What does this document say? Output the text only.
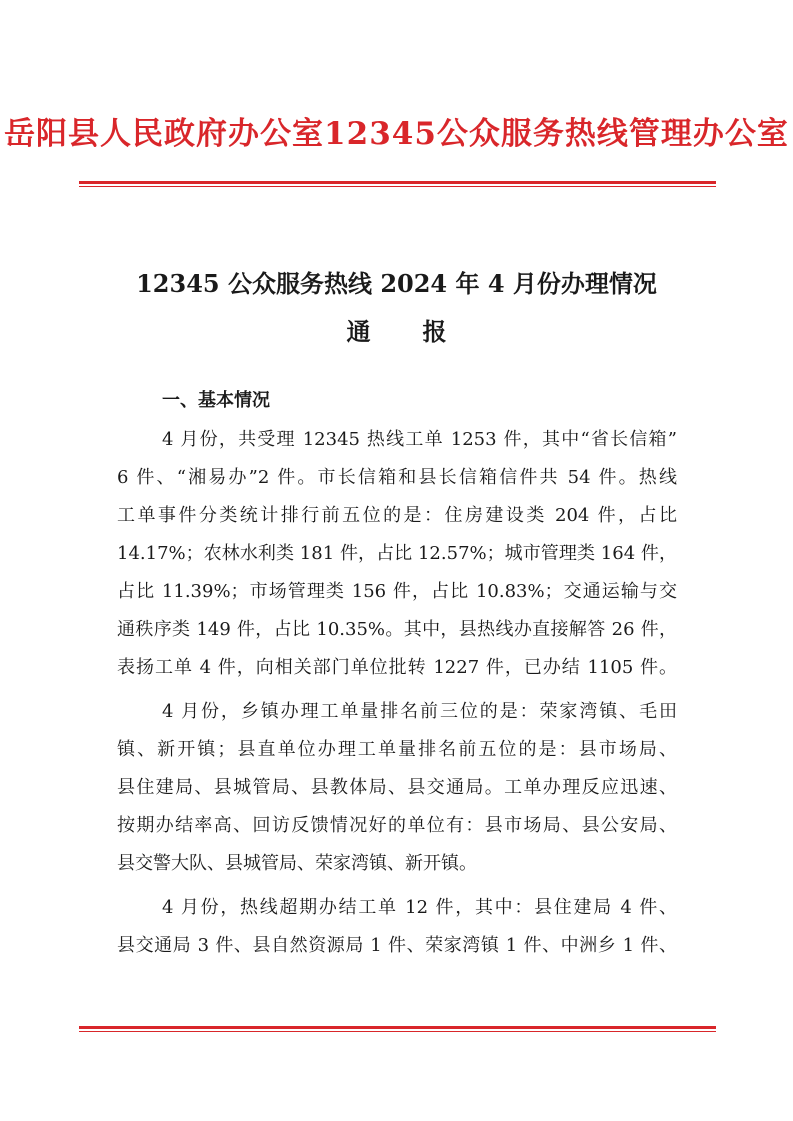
岳阳县人民政府办公室12345公众服务热线管理办公室
12345 公众服务热线 2024 年 4 月份办理情况
通报
一、基本情况
4 月份，共受理 12345 热线工单 1253 件，其中“省长信箱”
6 件、“湘易办”2 件。市长信箱和县长信箱信件共 54 件。热线
工单事件分类统计排行前五位的是：住房建设类 204 件，占比
14.17%；农林水利类 181 件，占比 12.57%；城市管理类 164 件，
占比 11.39%；市场管理类 156 件，占比 10.83%；交通运输与交
通秩序类 149 件，占比 10.35%。其中，县热线办直接解答 26 件，
表扬工单 4 件，向相关部门单位批转 1227 件，已办结 1105 件。
4 月份，乡镇办理工单量排名前三位的是：荣家湾镇、毛田
镇、新开镇；县直单位办理工单量排名前五位的是：县市场局、
县住建局、县城管局、县教体局、县交通局。工单办理反应迅速、
按期办结率高、回访反馈情况好的单位有：县市场局、县公安局、
县交警大队、县城管局、荣家湾镇、新开镇。
4 月份，热线超期办结工单 12 件，其中：县住建局 4 件、
县交通局 3 件、县自然资源局 1 件、荣家湾镇 1 件、中洲乡 1 件、
